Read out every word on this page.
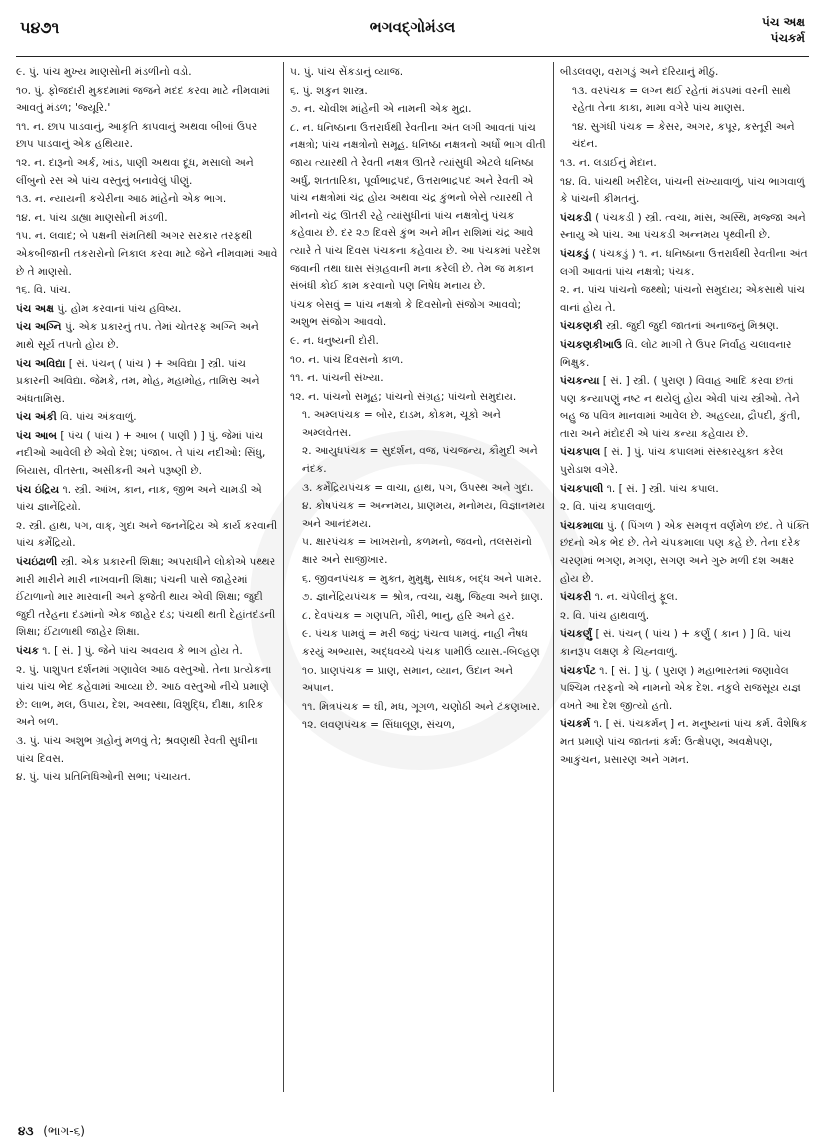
૫૪૭૧	ભગવદ્ગોમંડલ	પંચ અક્ષ
પંચકર્મ
૯. પું. પાંચ મુખ્ય માણસોની મંડળીનો વડો.
૧૦. પું. ફોજદારી મુકદમામાં જજને મદદ કરવા માટે નીમવામાં આવતું મંડળ; 'જ્યૂરિ.'
૧૧. ન. છાપ પાડવાનું, આકૃતિ કાપવાનું અથવા બીબાં ઉપર છાપ પાડવાનું એક હથિયાર.
૧૨. ન. દારૂનો અર્ક, ખાંડ, પાણી અથવા દૂધ, મસાલો અને લીંબુનો રસ એ પાંચ વસ્તુનું બનાવેલું પીણું.
૧૩. ન. ન્યાયની કચેરીના આઠ માંહેનો એક ભાગ.
૧૪. ન. પાંચ ડાહ્યા માણસોની મંડળી.
૧૫. ન. લવાદ; બે પક્ષની સંમતિથી અગર સરકાર તરફથી એકબીજાની તકરારોનો નિકાલ કરવા માટે જેને નીમવામાં આવે છે તે માણસો.
૧૬. વિ. પાંચ.
પંચ અક્ષ પું. હોમ કરવાનાં પાંચ હવિષ્ય.
પંચ અગ્નિ પું. એક પ્રકારનું તપ. તેમાં ચોતરફ અગ્નિ અને માથે સૂર્ય તપતો હોય છે.
પંચ અવિદ્યા [ સં. પંચન્ ( પાંચ ) + અવિદ્યા ] સ્ત્રી. પાંચ પ્રકારની અવિદ્યા. જેમકે, તમ, મોહ, મહામોહ, તામિસ્ર અને અંધતામિસ્ર.
પંચ અંકી વિ. પાંચ અંકવાળું.
પંચ આબ [ પંચ ( પાંચ ) + આબ ( પાણી ) ] પું. જેમાં પાંચ નદીઓ આવેલી છે એવો દેશ; પંજાબ. તે પાંચ નદીઓ: સિંધુ, બિયાસ, વીતસ્તા, અસીકની અને પરૂષ્ણી છે.
પંચ ઇંદ્રિય ૧. સ્ત્રી. આંખ, કાન, નાક, જીભ અને ચામડી એ પાંચ જ્ઞાનેંદ્રિયો.
૨. સ્ત્રી. હાથ, પગ, વાક્, ગુદા અને જનનેંદ્રિય એ કાર્ય કરવાની પાંચ કર્મેંદ્રિયો.
પંચઇંઢાળી સ્ત્રી. એક પ્રકારની શિક્ષા; અપરાધીને લોકોએ પથ્થર મારી મારીને મારી નાખવાની શિક્ષા; પંચની પાસે જાહેરમાં ઈંટાળાનો માર મારવાની અને ફજેતી થાય એવી શિક્ષા; જુદી જુદી તરેહના દંડમાંનો એક જાહેર દંડ; પંચથી થતી દેહાંતદંડની શિક્ષા; ઈંટાળાથી જાહેર શિક્ષા.
પંચક ૧. [ સં. ] પું. જેને પાંચ અવયવ કે ભાગ હોય તે.
૨. પું. પાશુપત દર્શનમાં ગણાવેલ આઠ વસ્તુઓ. તેના પ્રત્યેકના પાંચ પાંચ ભેદ કહેવામાં આવ્યા છે. આઠ વસ્તુઓ નીચે પ્રમાણે છે: લાભ, મલ, ઉપાય, દેશ, અવસ્થા, વિશુદ્ધિ, દીક્ષા, કારિક અને બળ.
૩. પું. પાંચ અશુભ ગ્રહોનું મળવું તે; શ્રવણથી રેવતી સુધીના પાંચ દિવસ.
૪. પું. પાંચ પ્રતિનિધિઓની સભા; પંચાયત.
૫. પું. પાંચ સેંકડાનું વ્યાજ.
૬. પું. શકુન શાસ્ત્ર.
૭. ન. ચોવીશ માંહેની એ નામની એક મુદ્રા.
૮. ન. ધનિષ્ઠાના ઉત્તરાર્ધથી રેવતીના અંત લગી આવતાં પાંચ નક્ષત્રો; પાંચ નક્ષત્રોનો સમૂહ. ધનિષ્ઠા નક્ષત્રનો અર્ધો ભાગ વીતી જાય ત્યારથી તે રેવતી નક્ષત્ર ઊતરે ત્યાંસુધી એટલે ધનિષ્ઠા અર્ધું, શતતારિકા, પૂર્વાભાદ્રપદ, ઉત્તરાભાદ્રપદ અને રેવતી એ પાંચ નક્ષત્રોમાં ચંદ્ર હોય અથવા ચંદ્ર કુંભનો બેસે ત્યારથી તે મીનનો ચંદ્ર ઊતરી રહે ત્યાંસુધીનાં પાંચ નક્ષત્રોનું પંચક કહેવાય છે. દર ૨૭ દિવસે કુંભ અને મીન રાશિમાં ચંદ્ર આવે ત્યારે તે પાંચ દિવસ પંચકના કહેવાય છે. આ પંચકમાં પરદેશ જવાની તથા ઘાસ સંગ્રહવાની મના કરેલી છે. તેમ જ મકાન સંબંધી કોઈ કામ કરવાનો પણ નિષેધ મનાય છે.
પંચક બેસવું = પાંચ નક્ષત્રો કે દિવસોનો સંજોગ આવવો; અશુભ સંજોગ આવવો.
૯. ન. ધનુષ્યની દોરી.
૧૦. ન. પાંચ દિવસનો કાળ.
૧૧. ન. પાંચની સંખ્યા.
૧૨. ન. પાંચનો સમૂહ; પાંચનો સંગ્રહ; પાંચનો સમુદાય.
૧. અમ્લપંચક = બોર, દાડમ, કોકમ, ચૂકો અને અમ્લવેતસ.
૨. આયુધપંચક = સુદર્શન, વજ, પંચજન્ય, કૌમુદી અને નંદક.
૩. કર્મેંદ્રિયપંચક = વાચા, હાથ, પગ, ઉપસ્થ અને ગુદા.
૪. કોષપંચક = અન્નમય, પ્રાણમય, મનોમય, વિજ્ઞાનમય અને આનંદમય.
૫. ક્ષારપંચક = ખાખરાનો, કળમનો, જવનો, તલસરાંનો ક્ષાર અને સાજીખાર.
૬. જીવનપંચક = મુક્ત, મુમુક્ષુ, સાધક, બદ્ધ અને પામર.
૭. જ્ઞાનેંદ્રિયપંચક = શ્રોત્ર, ત્વચા, ચક્ષુ, જિહ્વા અને ઘ્રાણ.
૮. દેવપંચક = ગણપતિ, ગૌરી, ભાનુ, હરિ અને હર.
૯. પંચક પામવું = મરી જવું; પંચત્વ પામવું. નાહી નૈષધ કરયું અભ્યાસ, અદ્ધવચ્ચે પંચક પામીઉં વ્યાસ.-બિલ્હણ
૧૦. પ્રાણપંચક = પ્રાણ, સમાન, વ્યાન, ઉદાન અને અપાન.
૧૧. મિત્રપંચક = ઘી, મધ, ગૂગળ, ચણોઠી અને ટંકણખાર.
૧૨. લવણપંચક = સિંધાલૂણ, સંચળ,
બીડલવણ, વરાગડું અને દરિયાનું મીઠું.
૧૩. વરપંચક = લગ્ન થઈ રહેતાં મંડપમાં વરની સાથે રહેતા તેના કાકા, મામા વગેરે પાંચ માણસ.
૧૪. સુગંધી પંચક = કેસર, અગર, કપૂર, કસ્તૂરી અને ચંદન.
૧૩. ન. લડાઈનું મેદાન.
૧૪. વિ. પાંચથી ખરીદેલ, પાંચની સંખ્યાવાળું, પાંચ ભાગવાળું કે પાંચની કીમતનું.
પંચકડી ( પંચકડી ) સ્ત્રી. ત્વચા, માંસ, અસ્થિ, મજ્જા અને સ્નાયુ એ પાંચ. આ પંચકડી અન્નમય પૃથ્વીની છે.
પંચકડું ( પંચકડું ) ૧. ન. ધનિષ્ઠાના ઉત્તરાર્ધથી રેવતીના અંત લગી આવતાં પાંચ નક્ષત્રો; પંચક.
૨. ન. પાંચ પાંચનો જથ્થો; પાંચનો સમુદાય; એકસાથે પાંચ વાનાં હોય તે.
પંચકણકી સ્ત્રી. જુદી જુદી જાતનાં અનાજનું મિશ્રણ.
પંચકણકીખાઉ વિ. લોટ માગી તે ઉપર નિર્વાહ ચલાવનાર ભિક્ષુક.
પંચકન્યા [ સં. ] સ્ત્રી. ( પુરાણ ) વિવાહ આદિ કરવા છતાં પણ કન્યાપણું નષ્ટ ન થયેલું હોય એવી પાંચ સ્ત્રીઓ. તેને બહુ જ પવિત્ર માનવામાં આવેલ છે. અહલ્યા, દ્રૌપદી, કુંતી, તારા અને મંદોદરી એ પાંચ કન્યા કહેવાય છે.
પંચકપાલ [ સં. ] પું. પાંચ કપાલમાં સંસ્કારયુક્ત કરેલ પુરોડાશ વગેરે.
પંચકપાલી ૧. [ સં. ] સ્ત્રી. પાંચ કપાલ.
૨. વિ. પાંચ કપાલવાળું.
પંચકમાલા પું. ( પિંગળ ) એક સમવૃત્ત વર્ણમેળ છંદ. તે પંક્તિ છંદનો એક ભેદ છે. તેને ચંપકમાલા પણ કહે છે. તેના દરેક ચરણમાં ભગણ, મગણ, સગણ અને ગુરુ મળી દશ અક્ષર હોય છે.
પંચકરી ૧. ન. ચંપેલીનું ફૂલ.
૨. વિ. પાંચ હાથવાળું.
પંચકર્ણું [ સં. પંચન્ ( પાંચ ) + કર્ણું ( કાન ) ] વિ. પાંચ કાનરૂપ લક્ષણ કે ચિહ્નવાળું.
પંચકર્પટ ૧. [ સં. ] પું. ( પુરાણ ) મહાભારતમાં જણાવેલ પશ્ચિમ તરફનો એ નામનો એક દેશ. નકુલે રાજસૂય યજ્ઞ વખતે આ દેશ જીત્યો હતો.
પંચકર્મ ૧. [ સં. પંચકર્મન્ ] ન. મનુષ્યનાં પાંચ કર્મ. વૈશેષિક મત પ્રમાણે પાંચ જાતનાં કર્મ: ઉત્ક્ષેપણ, અવક્ષેપણ, આકુંચન, પ્રસારણ અને ગમન.
૪૩ (ભાગ-૬)
